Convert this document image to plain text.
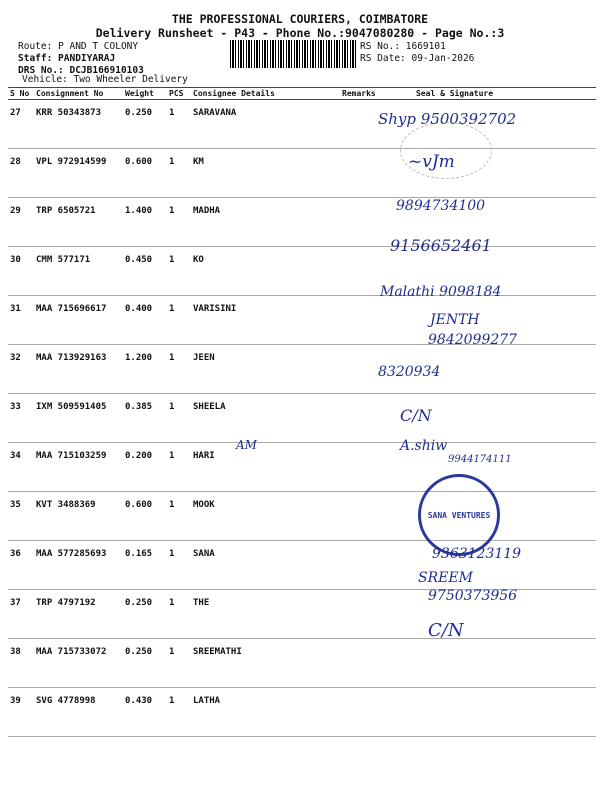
THE PROFESSIONAL COURIERS, COIMBATORE
Delivery Runsheet - P43 - Phone No.:9047080280 - Page No.:3
Route: P AND T COLONY
Staff: PANDIYARAJ
DRS No.: DCJB166910103
Vehicle: Two Wheeler Delivery
RS No.: 1669101
RS Date: 09-Jan-2026
S No	Consignment No	Weight	PCS	Consignee Details	Remarks	Seal & Signature
27	KRR 50343873	0.250	1	SARAVANA		
28	VPL 972914599	0.600	1	KM		
29	TRP 6505721	1.400	1	MADHA		
30	CMM 577171	0.450	1	KO		
31	MAA 715696617	0.400	1	VARISINI		
32	MAA 713929163	1.200	1	JEEN		
33	IXM 509591405	0.385	1	SHEELA		
34	MAA 715103259	0.200	1	HARI		
35	KVT 3488369	0.600	1	MOOK		
36	MAA 577285693	0.165	1	SANA		
37	TRP 4797192	0.250	1	THE		
38	MAA 715733072	0.250	1	SREEMATHI		
39	SVG 4778998	0.430	1	LATHA		
Shyp 9500392702
~vJm
9894734100
9156652461
Malathi 9098184
JENTH
9842099277
8320934
C/N
AM	A.shiw
9944174111
SANA VENTURES
9363123119
SREEM
9750373956
C/N
